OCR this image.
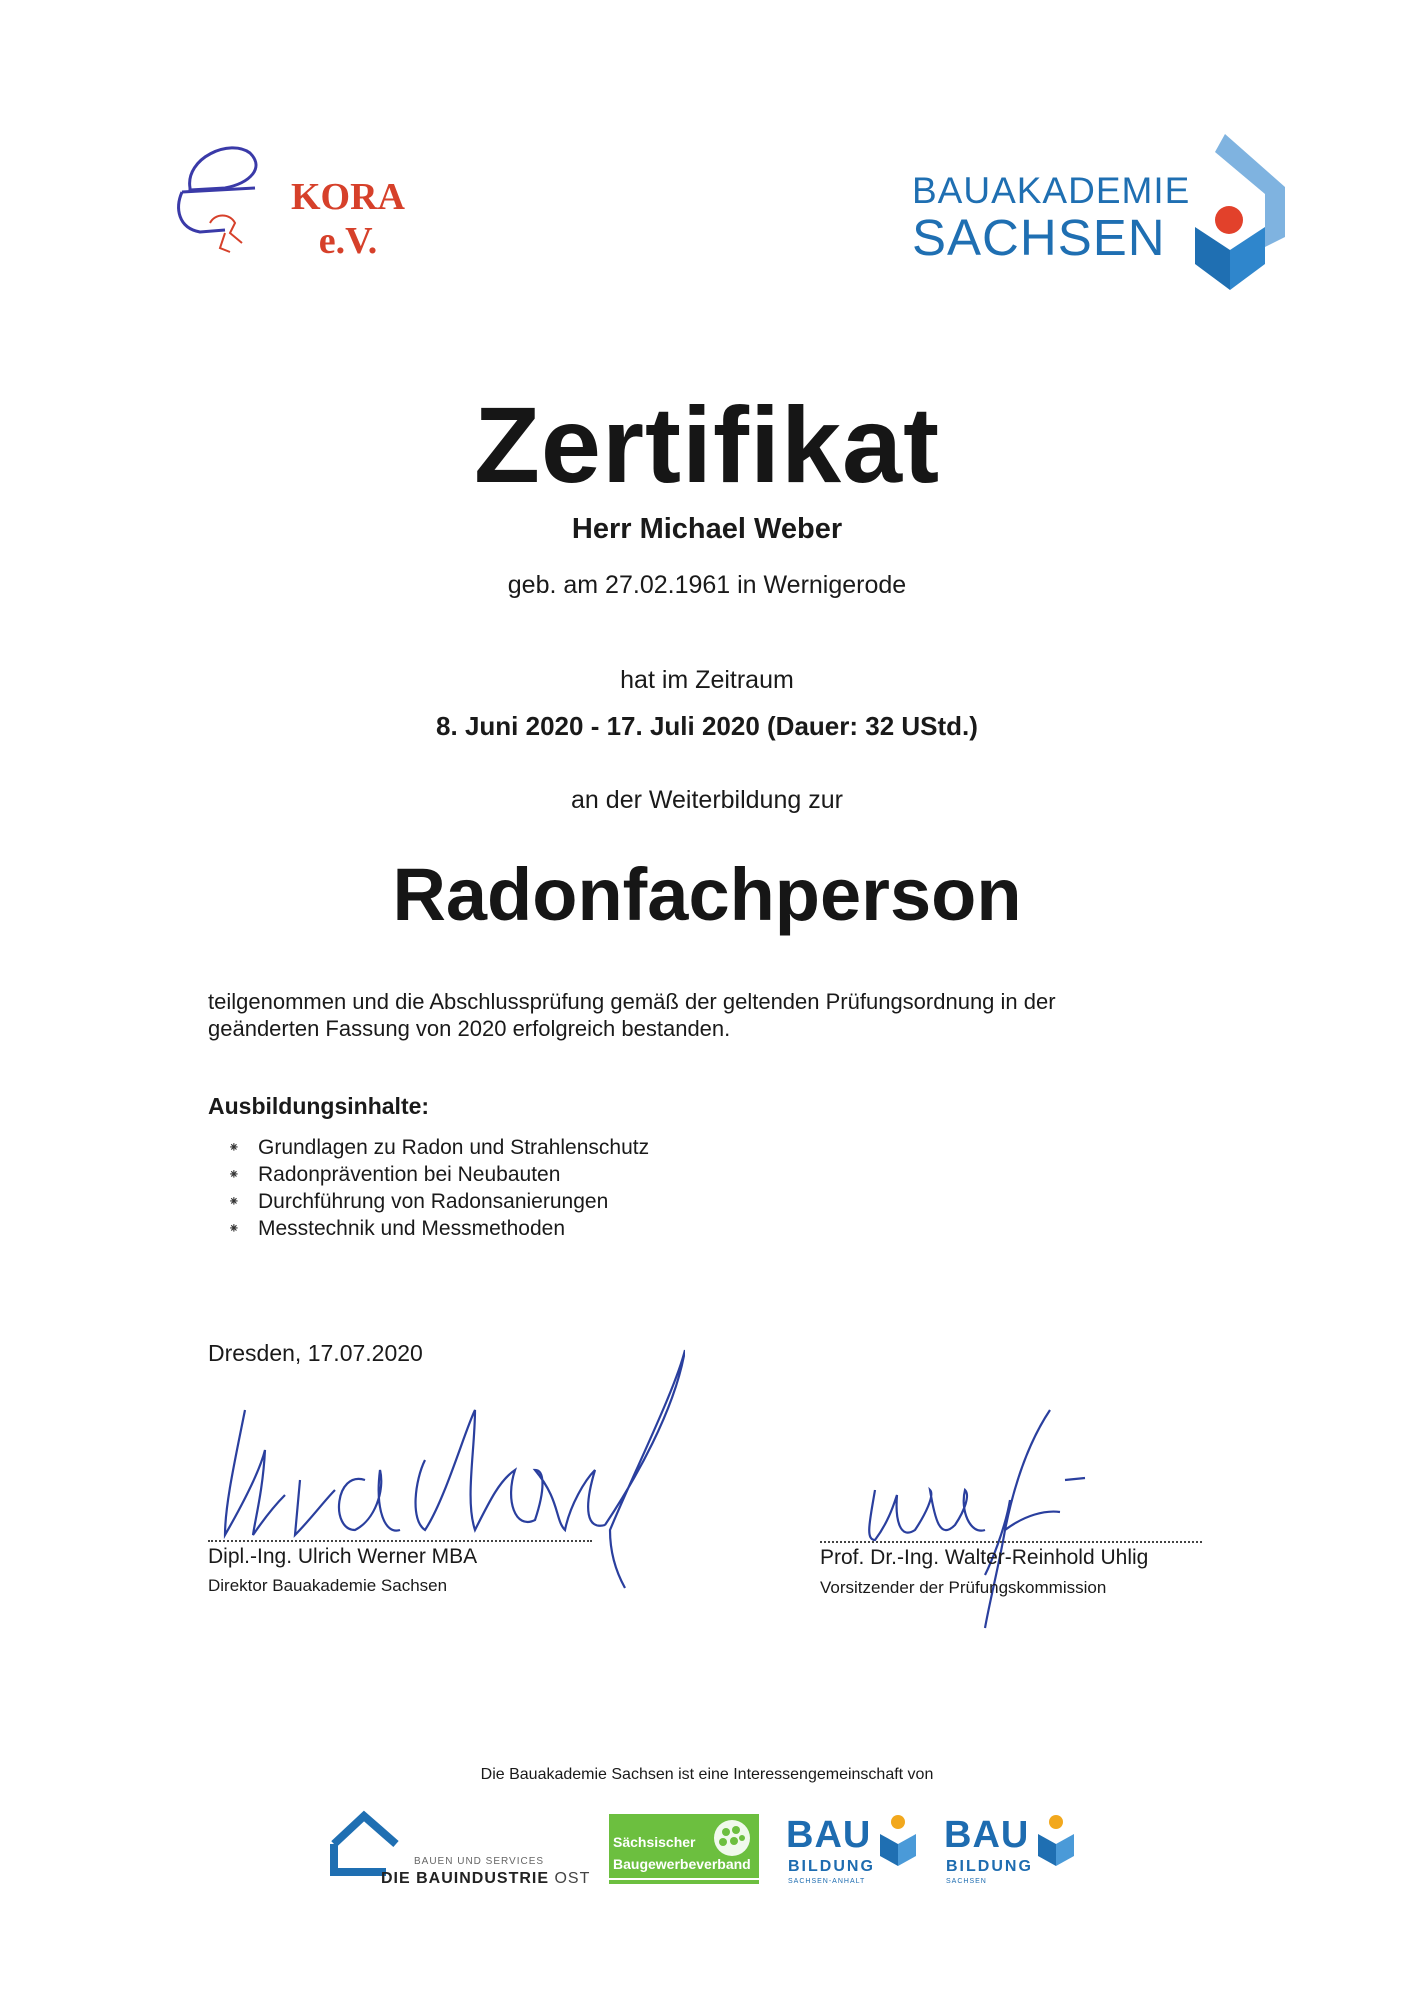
KORA
e.V.
BAUAKADEMIE
SACHSEN
Zertifikat
Herr Michael Weber
geb. am 27.02.1961 in Wernigerode
hat im Zeitraum
8. Juni 2020 - 17. Juli 2020 (Dauer: 32 UStd.)
an der Weiterbildung zur
Radonfachperson
teilgenommen und die Abschlussprüfung gemäß der geltenden Prüfungsordnung in der
geänderten Fassung von 2020 erfolgreich bestanden.
Ausbildungsinhalte:
⁕ Grundlagen zu Radon und Strahlenschutz
⁕ Radonprävention bei Neubauten
⁕ Durchführung von Radonsanierungen
⁕ Messtechnik und Messmethoden
Dresden, 17.07.2020
Dipl.-Ing. Ulrich Werner MBA
Direktor Bauakademie Sachsen
Prof. Dr.-Ing. Walter-Reinhold Uhlig
Vorsitzender der Prüfungskommission
Die Bauakademie Sachsen ist eine Interessengemeinschaft von
BAUEN UND SERVICES
DIE BAUINDUSTRIE OST
Sächsischer
Baugewerbeverband
BAU
BILDUNG
SACHSEN-ANHALT
BAU
BILDUNG
SACHSEN
